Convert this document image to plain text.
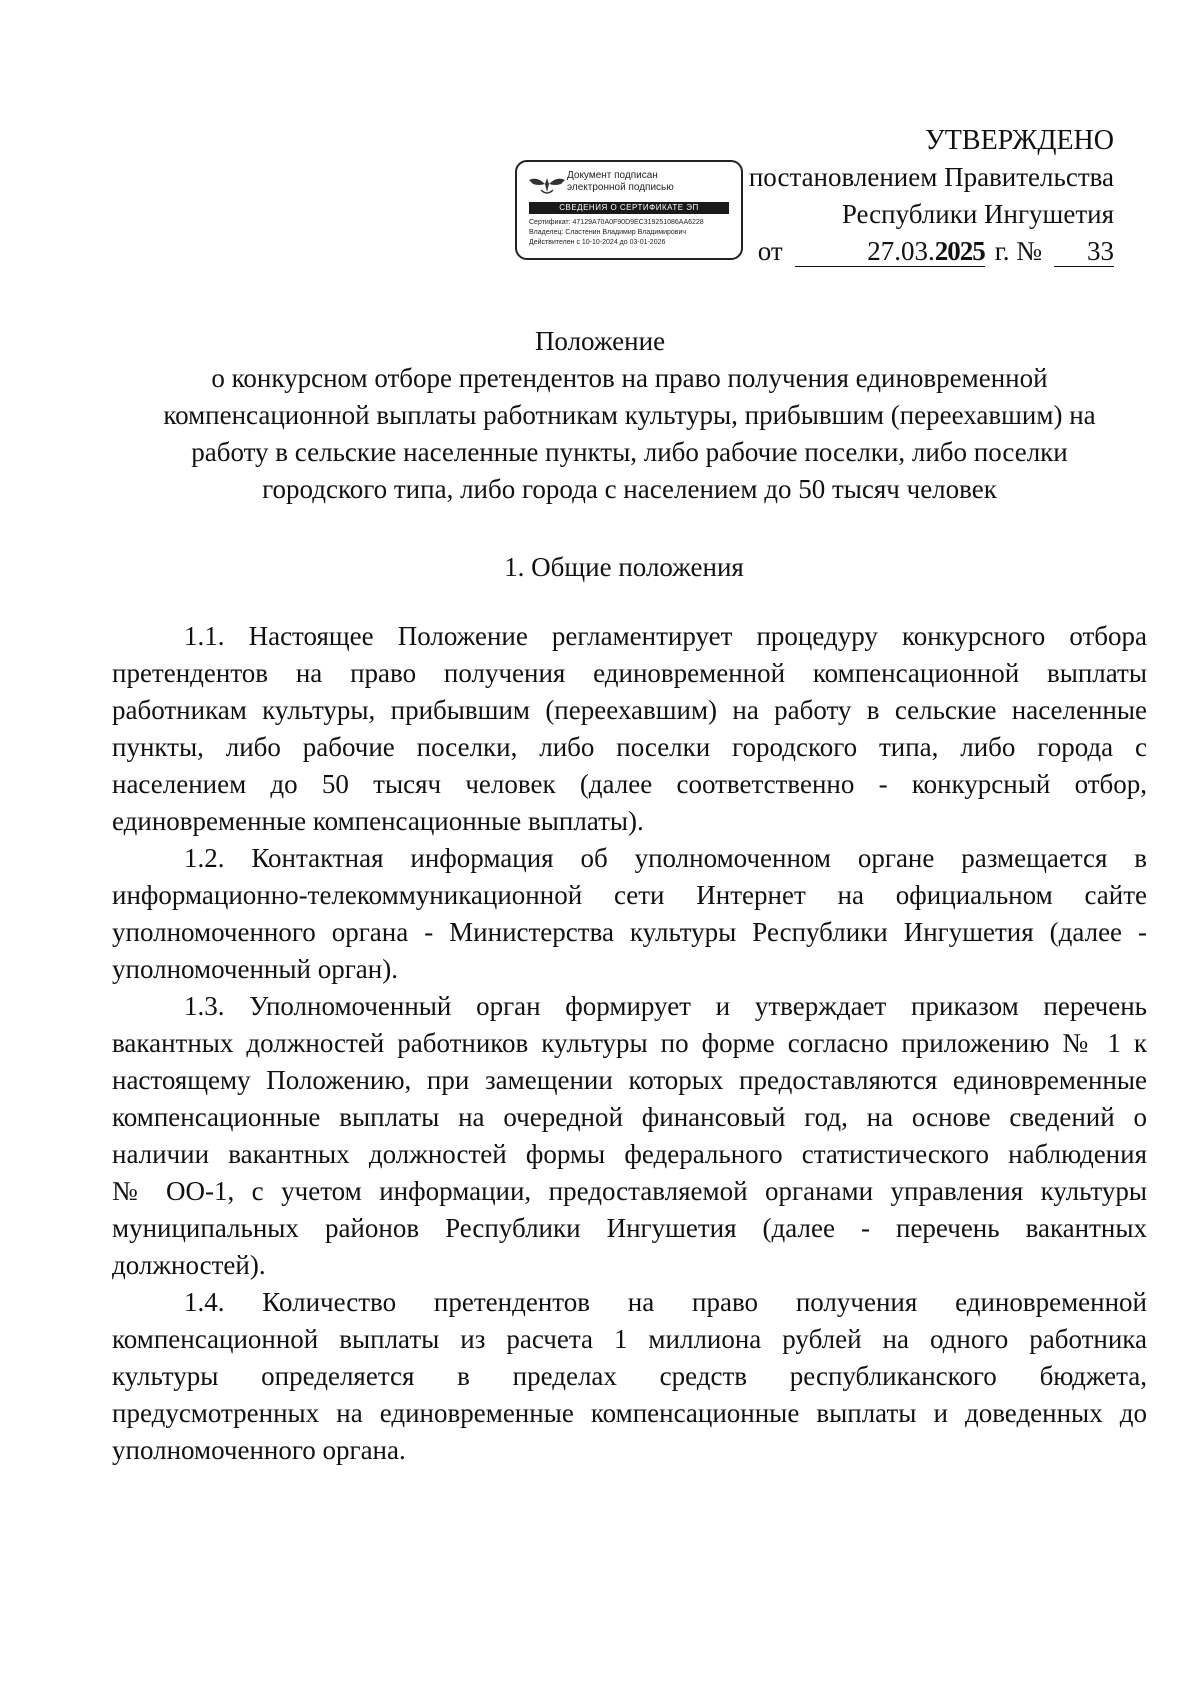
УТВЕРЖДЕНО
постановлением Правительства
Республики Ингушетия
от	27.03.2025 г. №	33
Документ подписан
электронной подписью
СВЕДЕНИЯ О СЕРТИФИКАТЕ ЭП
Сертификат: 47129A70A0F90D9EC319251086AA6228
Владелец: Сластенин Владимир Владимирович
Действителен с 10-10-2024 до 03-01-2026
Положение
о конкурсном отборе претендентов на право получения единовременной
компенсационной выплаты работникам культуры, прибывшим (переехавшим) на
работу в сельские населенные пункты, либо рабочие поселки, либо поселки
городского типа, либо города с населением до 50 тысяч человек
1. Общие положения
1.1. Настоящее Положение регламентирует процедуру конкурсного отбора
претендентов на право получения единовременной компенсационной выплаты
работникам культуры, прибывшим (переехавшим) на работу в сельские населенные
пункты, либо рабочие поселки, либо поселки городского типа, либо города с
населением до 50 тысяч человек (далее соответственно - конкурсный отбор,
единовременные компенсационные выплаты).
1.2. Контактная информация об уполномоченном органе размещается в
информационно-телекоммуникационной сети Интернет на официальном сайте
уполномоченного органа - Министерства культуры Республики Ингушетия (далее -
уполномоченный орган).
1.3. Уполномоченный орган формирует и утверждает приказом перечень
вакантных должностей работников культуры по форме согласно приложению № 1 к
настоящему Положению, при замещении которых предоставляются единовременные
компенсационные выплаты на очередной финансовый год, на основе сведений о
наличии вакантных должностей формы федерального статистического наблюдения
№ ОО-1, с учетом информации, предоставляемой органами управления культуры
муниципальных районов Республики Ингушетия (далее - перечень вакантных
должностей).
1.4. Количество претендентов на право получения единовременной
компенсационной выплаты из расчета 1 миллиона рублей на одного работника
культуры определяется в пределах средств республиканского бюджета,
предусмотренных на единовременные компенсационные выплаты и доведенных до
уполномоченного органа.
